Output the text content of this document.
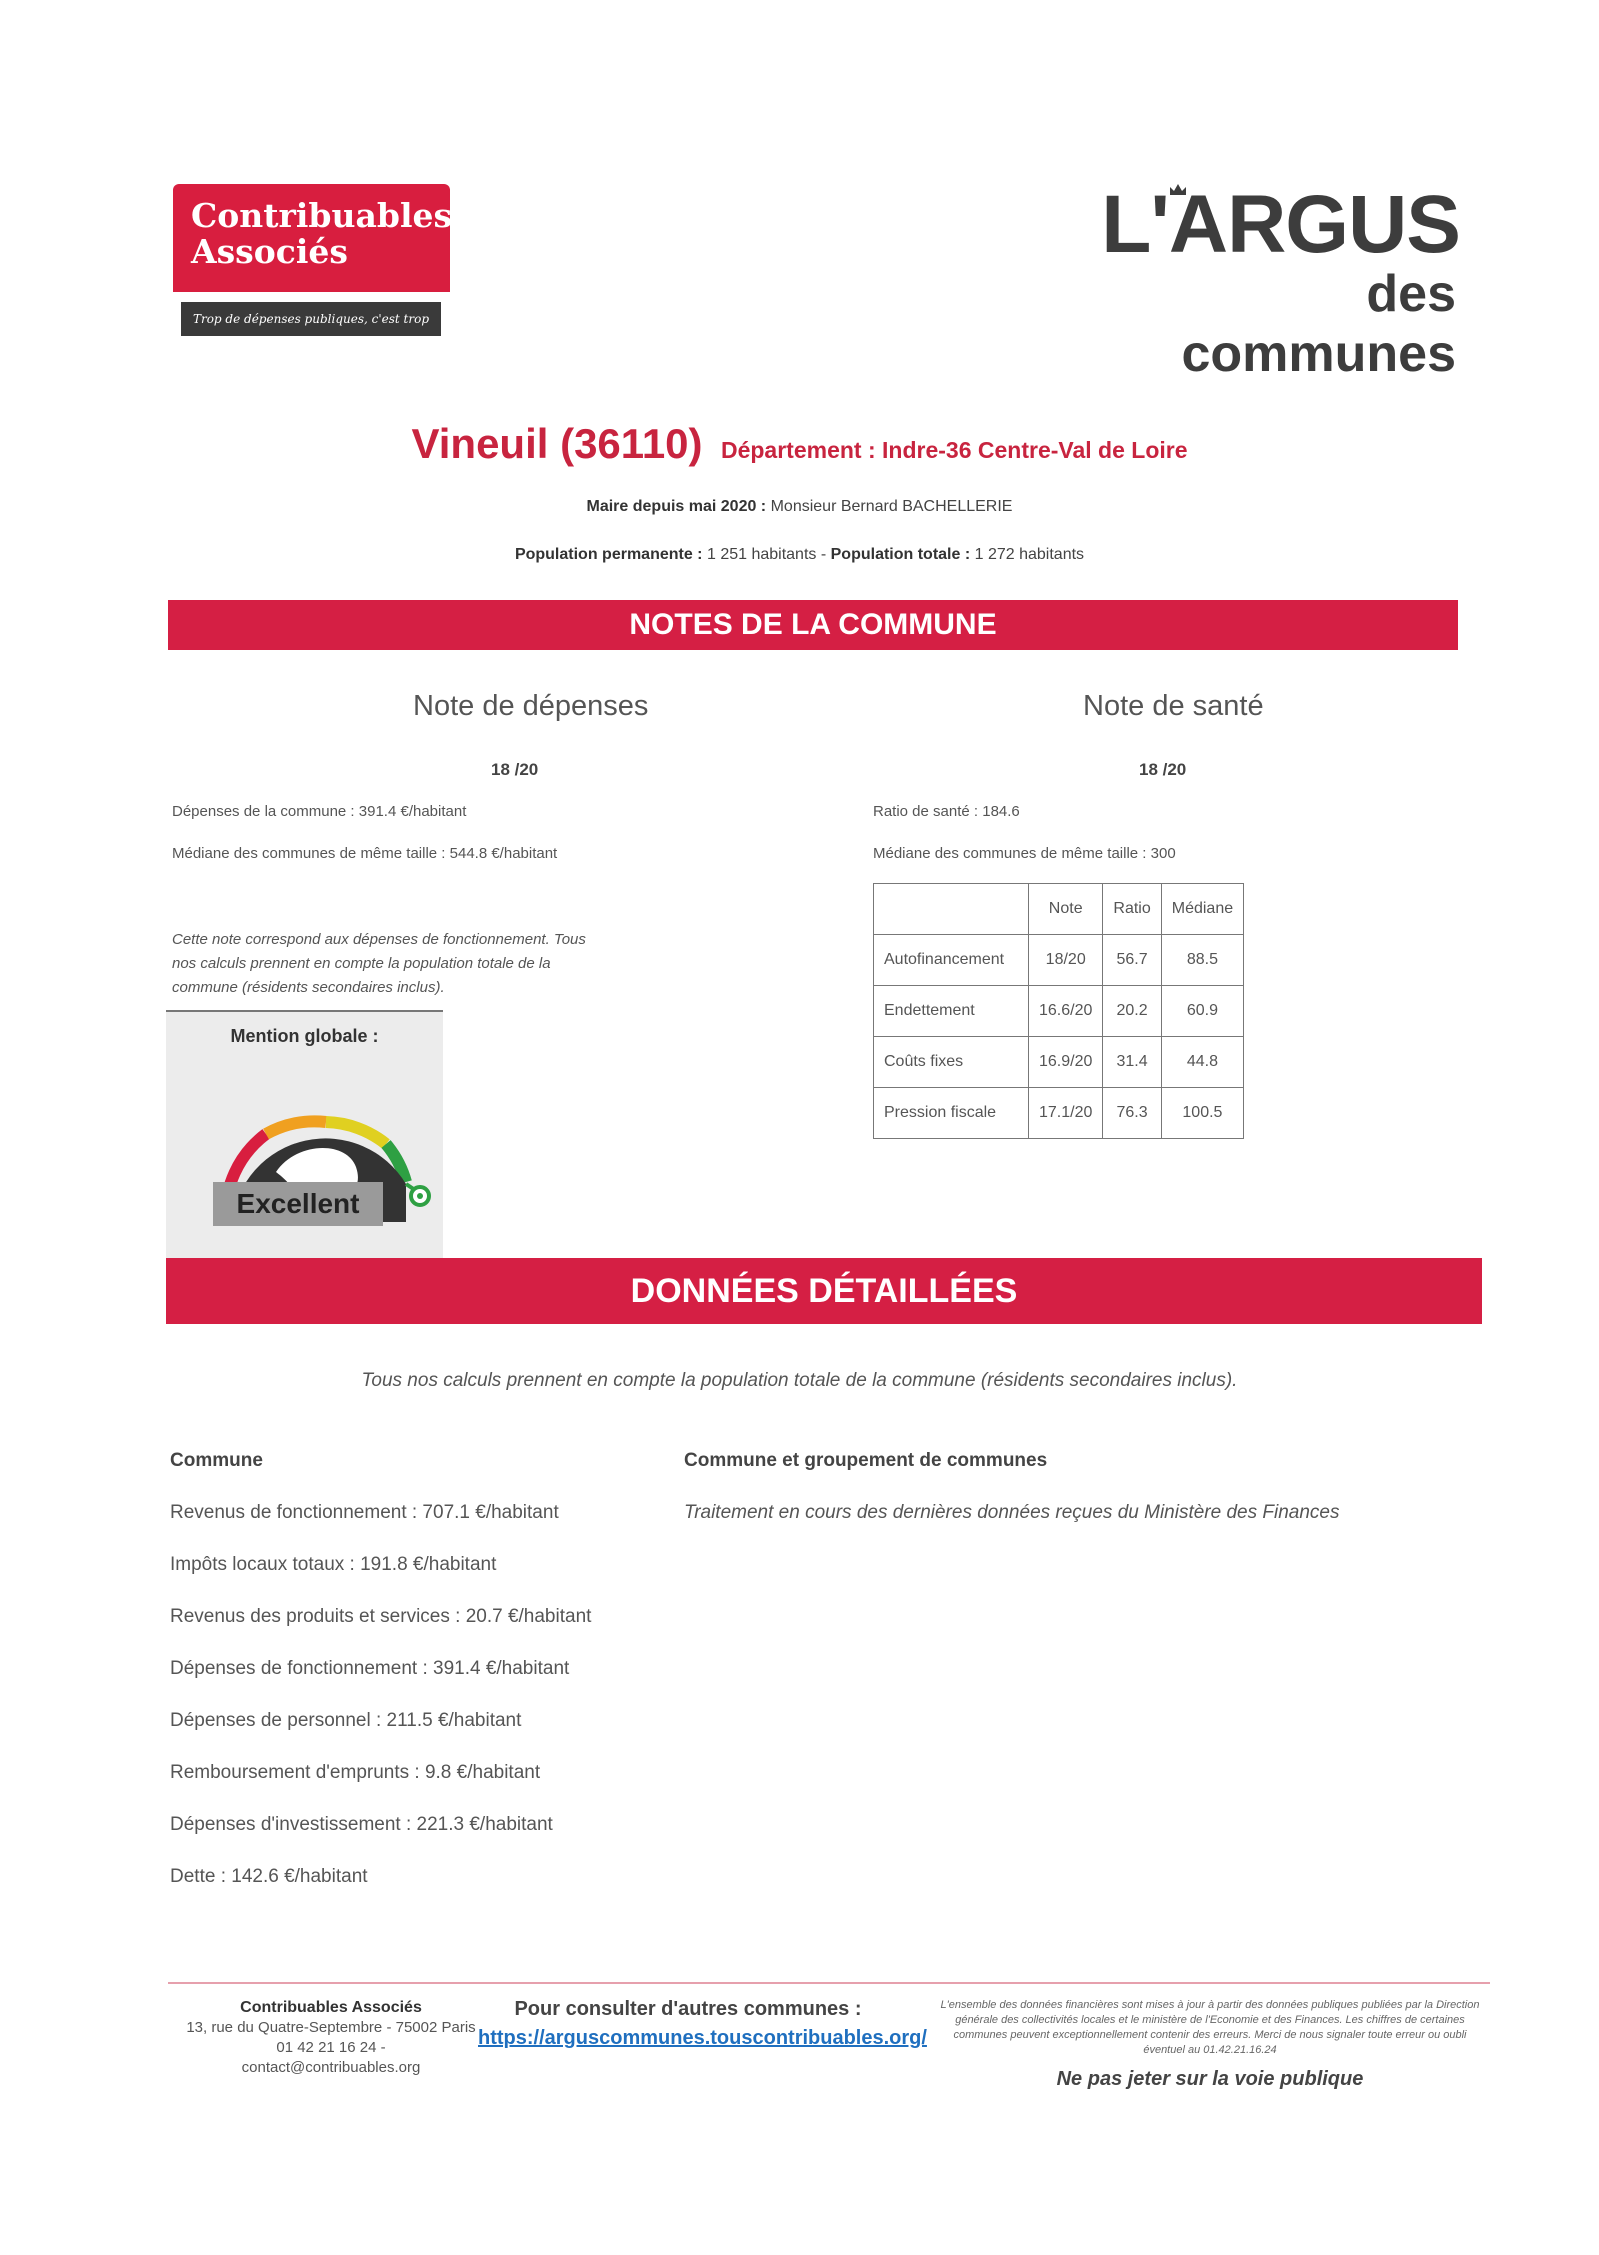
Contribuables
Associés
Trop de dépenses publiques, c'est trop d'impôts !
L'ARGUS
des communes
Vineuil (36110) Département : Indre-36 Centre-Val de Loire
Maire depuis mai 2020 : Monsieur Bernard BACHELLERIE
Population permanente : 1 251 habitants - Population totale : 1 272 habitants
NOTES DE LA COMMUNE
Note de dépenses
18 /20
Dépenses de la commune : 391.4 €/habitant
Médiane des communes de même taille : 544.8 €/habitant
Cette note correspond aux dépenses de fonctionnement. Tous nos calculs prennent en compte la population totale de la commune (résidents secondaires inclus).
Mention globale :
Excellent
Note de santé
18 /20
Ratio de santé : 184.6
Médiane des communes de même taille : 300
	Note	Ratio	Médiane
Autofinancement	18/20	56.7	88.5
Endettement	16.6/20	20.2	60.9
Coûts fixes	16.9/20	31.4	44.8
Pression fiscale	17.1/20	76.3	100.5
DONNÉES DÉTAILLÉES
Tous nos calculs prennent en compte la population totale de la commune (résidents secondaires inclus).
Commune
Revenus de fonctionnement : 707.1 €/habitant
Impôts locaux totaux : 191.8 €/habitant
Revenus des produits et services : 20.7 €/habitant
Dépenses de fonctionnement : 391.4 €/habitant
Dépenses de personnel : 211.5 €/habitant
Remboursement d'emprunts : 9.8 €/habitant
Dépenses d'investissement : 221.3 €/habitant
Dette : 142.6 €/habitant
Commune et groupement de communes
Traitement en cours des dernières données reçues du Ministère des Finances
Contribuables Associés
13, rue du Quatre-Septembre - 75002 Paris
01 42 21 16 24 - contact@contribuables.org
Pour consulter d'autres communes :
https://arguscommunes.touscontribuables.org/
L'ensemble des données financières sont mises à jour à partir des données publiques publiées par la Direction générale des collectivités locales et le ministère de l'Economie et des Finances. Les chiffres de certaines communes peuvent exceptionnellement contenir des erreurs. Merci de nous signaler toute erreur ou oubli éventuel au 01.42.21.16.24
Ne pas jeter sur la voie publique
